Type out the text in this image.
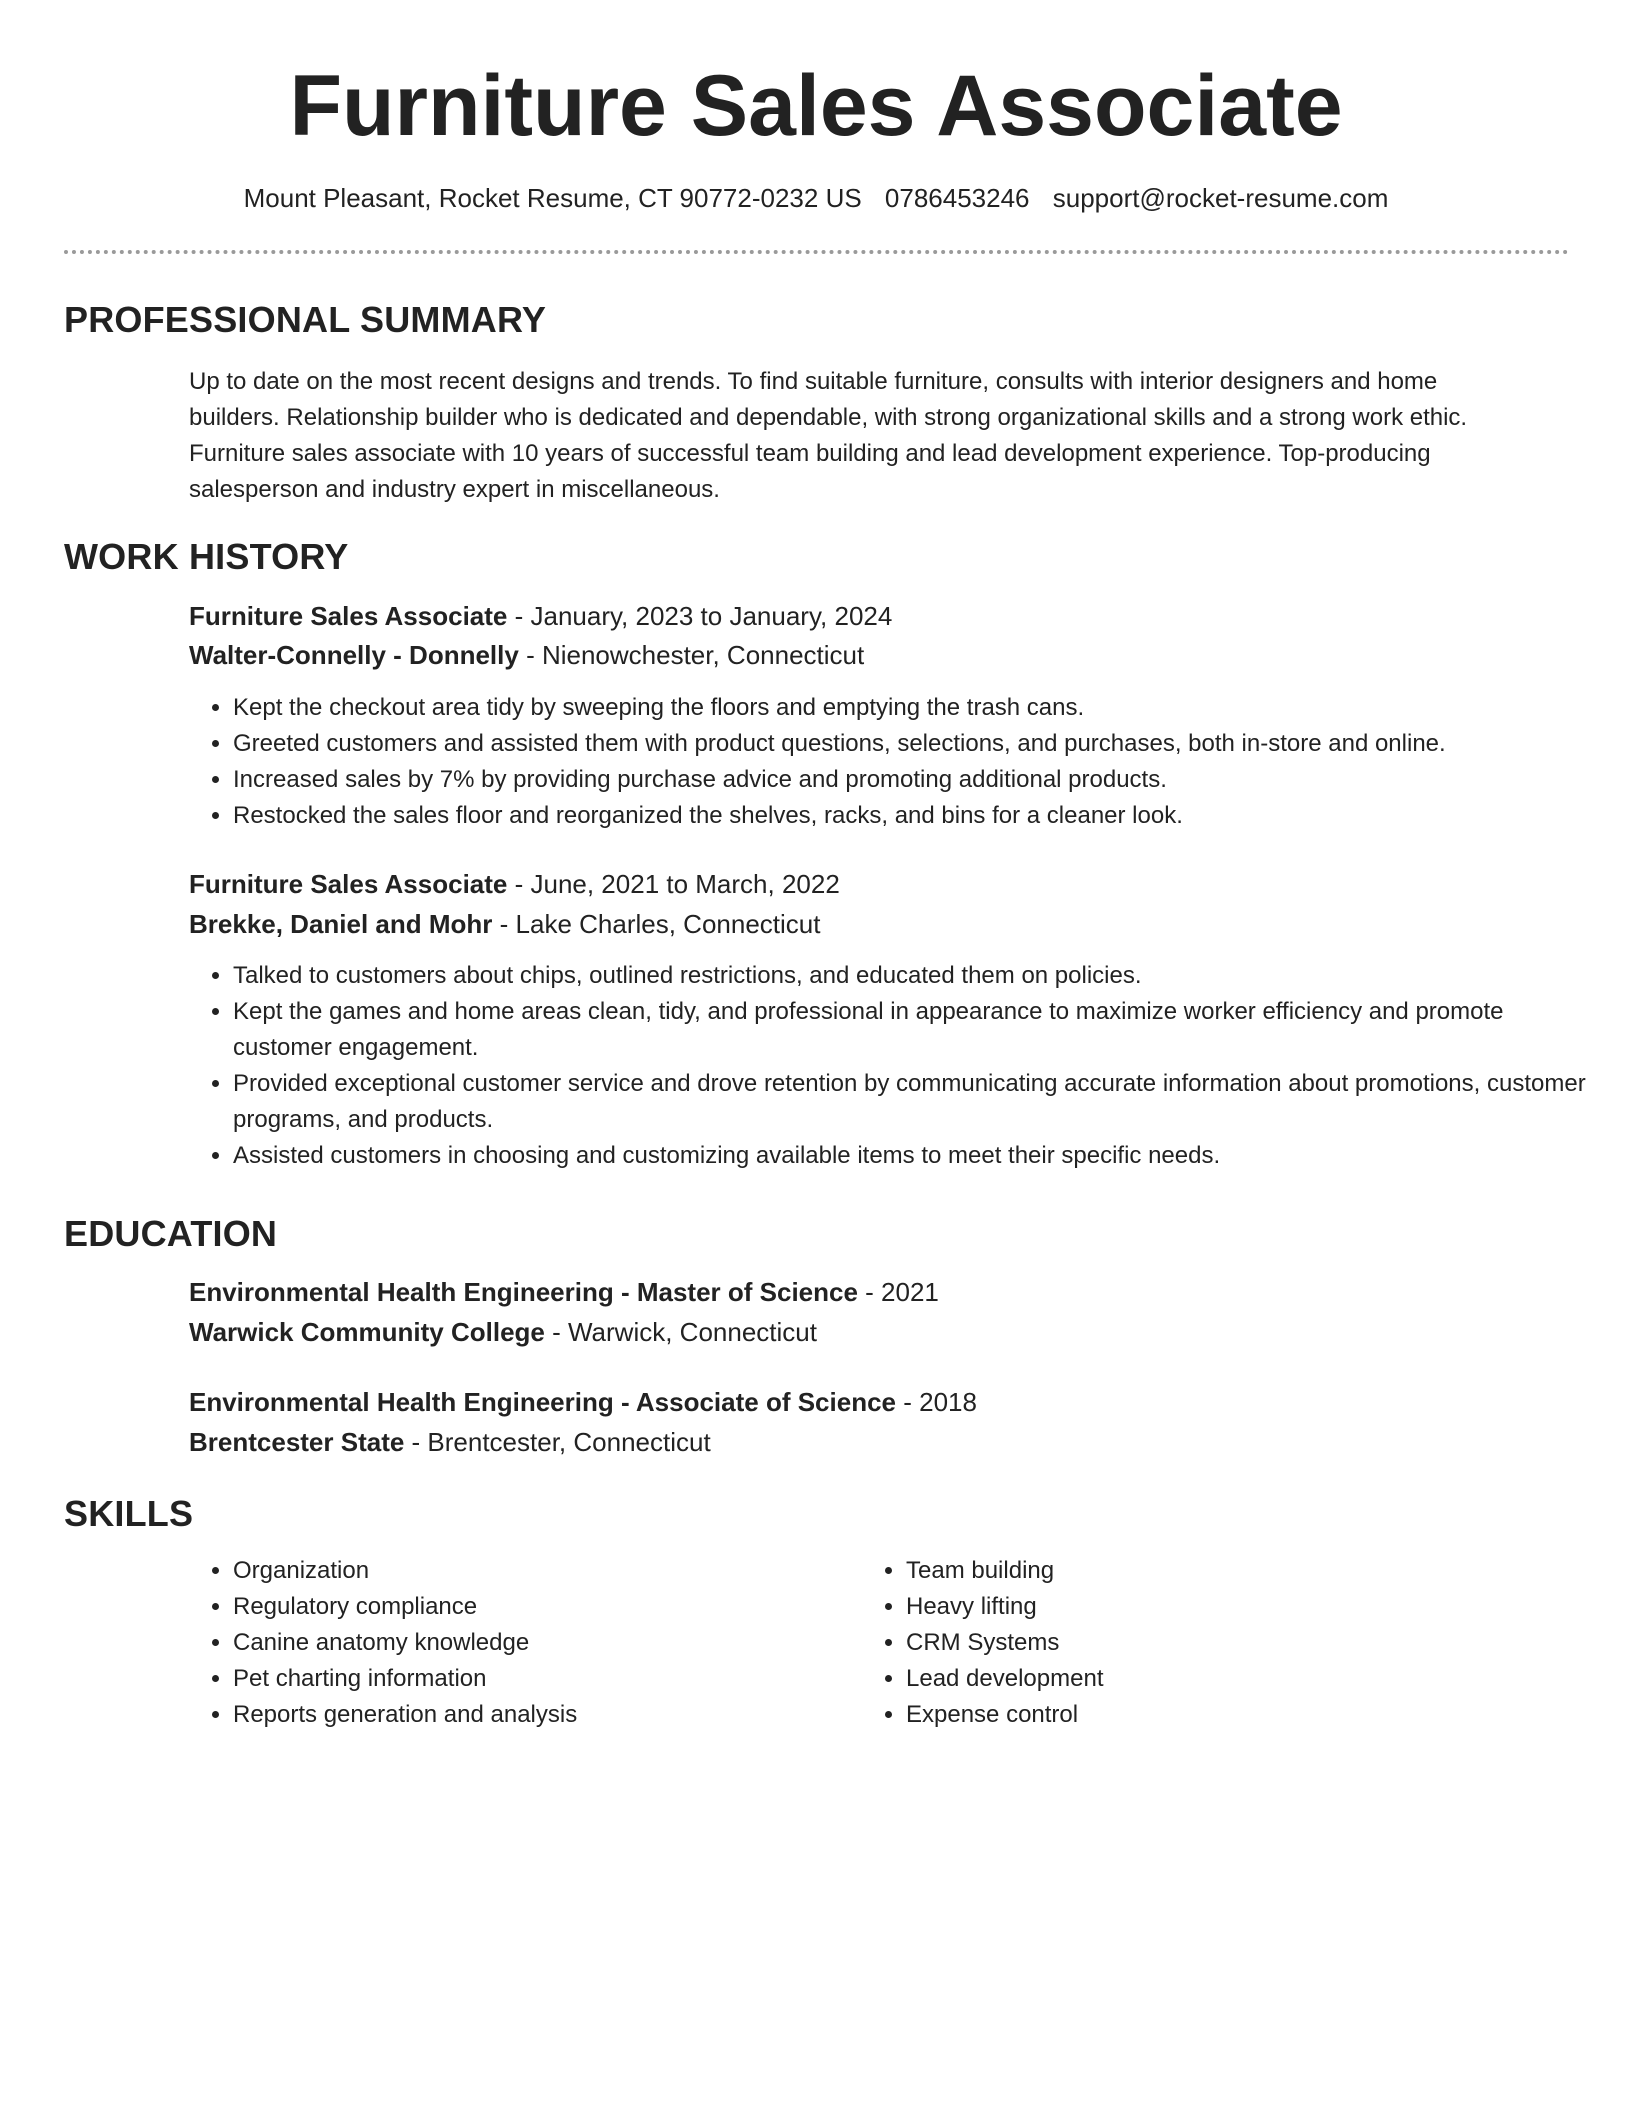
Furniture Sales Associate
Mount Pleasant, Rocket Resume, CT 90772-0232 US 0786453246 support@rocket-resume.com
PROFESSIONAL SUMMARY

Up to date on the most recent designs and trends. To find suitable furniture, consults with interior designers and home builders. Relationship builder who is dedicated and dependable, with strong organizational skills and a strong work ethic. Furniture sales associate with 10 years of successful team building and lead development experience. Top-producing salesperson and industry expert in miscellaneous.

WORK HISTORY
Furniture Sales Associate - January, 2023 to January, 2024
Walter-Connelly - Donnelly - Nienowchester, Connecticut
• Kept the checkout area tidy by sweeping the floors and emptying the trash cans.
• Greeted customers and assisted them with product questions, selections, and purchases, both in-store and online.
• Increased sales by 7% by providing purchase advice and promoting additional products.
• Restocked the sales floor and reorganized the shelves, racks, and bins for a cleaner look.
Furniture Sales Associate - June, 2021 to March, 2022
Brekke, Daniel and Mohr - Lake Charles, Connecticut
• Talked to customers about chips, outlined restrictions, and educated them on policies.
• Kept the games and home areas clean, tidy, and professional in appearance to maximize worker efficiency and promote customer engagement.
• Provided exceptional customer service and drove retention by communicating accurate information about promotions, customer programs, and products.
• Assisted customers in choosing and customizing available items to meet their specific needs.
EDUCATION
Environmental Health Engineering - Master of Science - 2021
Warwick Community College - Warwick, Connecticut
Environmental Health Engineering - Associate of Science - 2018
Brentcester State - Brentcester, Connecticut
SKILLS
• Organization
• Regulatory compliance
• Canine anatomy knowledge
• Pet charting information
• Reports generation and analysis
• Team building
• Heavy lifting
• CRM Systems
• Lead development
• Expense control
